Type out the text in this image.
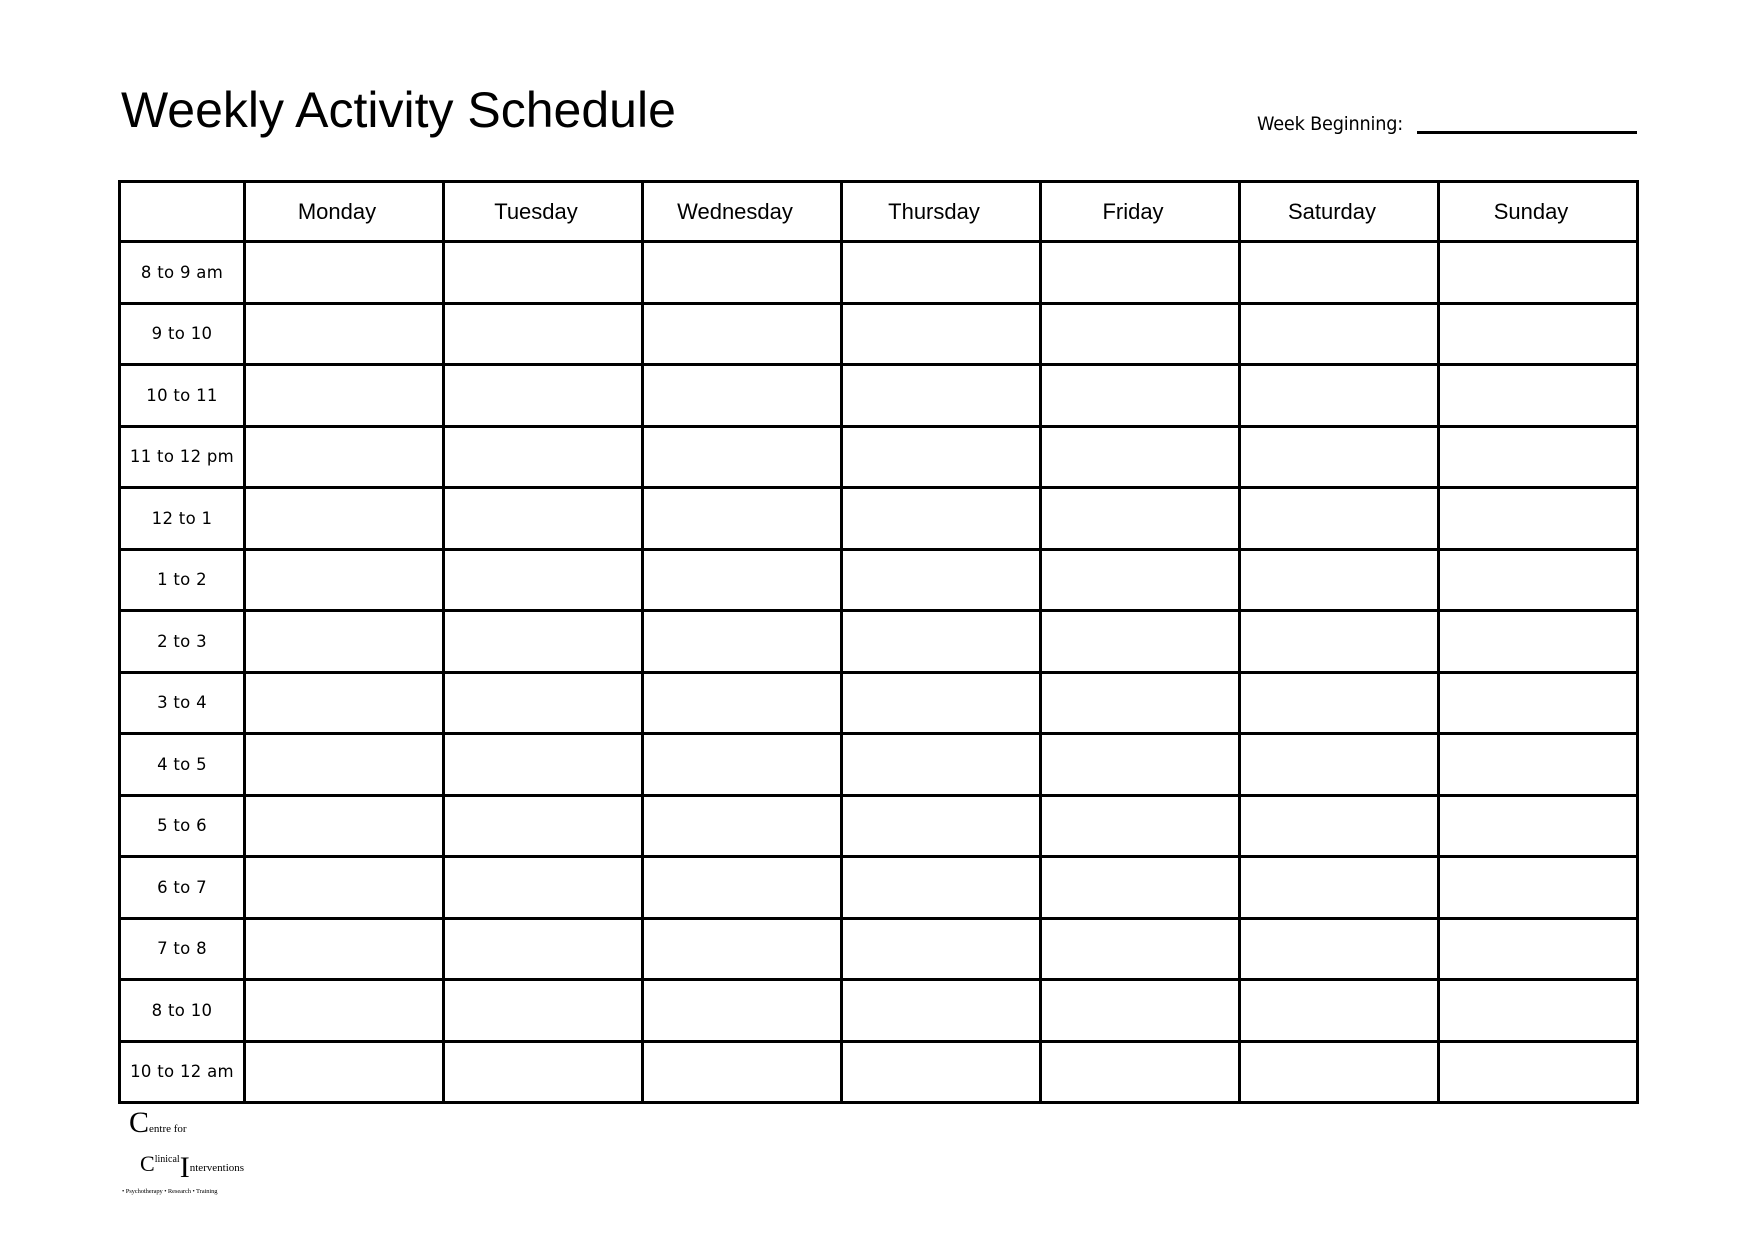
Weekly Activity Schedule	Week Beginning:
	Monday	Tuesday	Wednesday	Thursday	Friday	Saturday	Sunday
8 to 9 am							
9 to 10							
10 to 11							
11 to 12 pm							
12 to 1							
1 to 2							
2 to 3							
3 to 4							
4 to 5							
5 to 6							
6 to 7							
7 to 8							
8 to 10							
10 to 12 am							
Centre for
$C^{linical}Interventions$
• Psychotherapy • Research • Training
